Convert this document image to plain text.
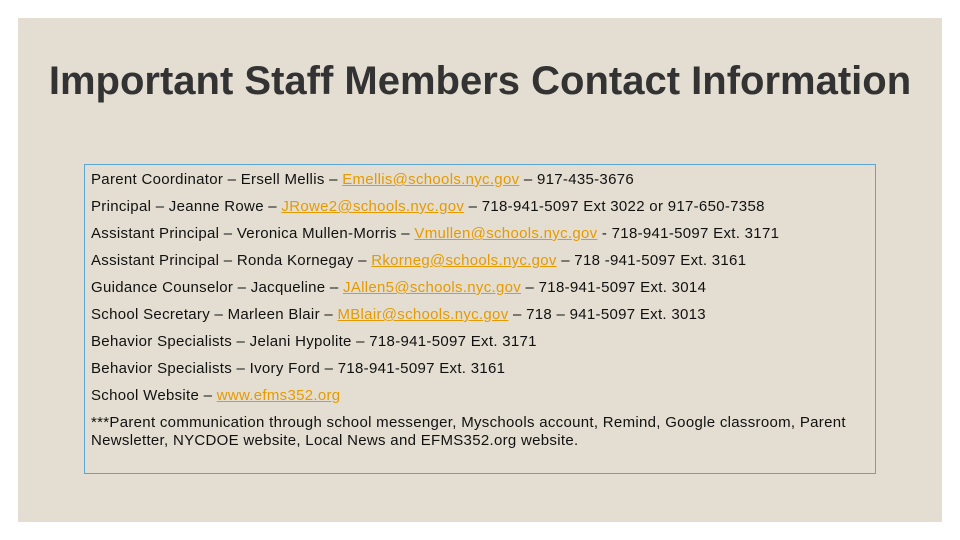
Important Staff Members Contact Information
Parent Coordinator – Ersell Mellis – Emellis@schools.nyc.gov – 917-435-3676
Principal – Jeanne Rowe – JRowe2@schools.nyc.gov – 718-941-5097 Ext 3022 or 917-650-7358
Assistant Principal – Veronica Mullen-Morris – Vmullen@schools.nyc.gov - 718-941-5097 Ext. 3171
Assistant Principal – Ronda Kornegay – Rkorneg@schools.nyc.gov – 718 -941-5097 Ext. 3161
Guidance Counselor – Jacqueline – JAllen5@schools.nyc.gov – 718-941-5097 Ext. 3014
School Secretary – Marleen Blair – MBlair@schools.nyc.gov – 718 – 941-5097 Ext. 3013
Behavior Specialists – Jelani Hypolite – 718-941-5097 Ext. 3171
Behavior Specialists – Ivory Ford – 718-941-5097 Ext. 3161
School Website – www.efms352.org
***Parent communication through school messenger, Myschools account, Remind, Google classroom, Parent Newsletter, NYCDOE website, Local News and EFMS352.org website.
